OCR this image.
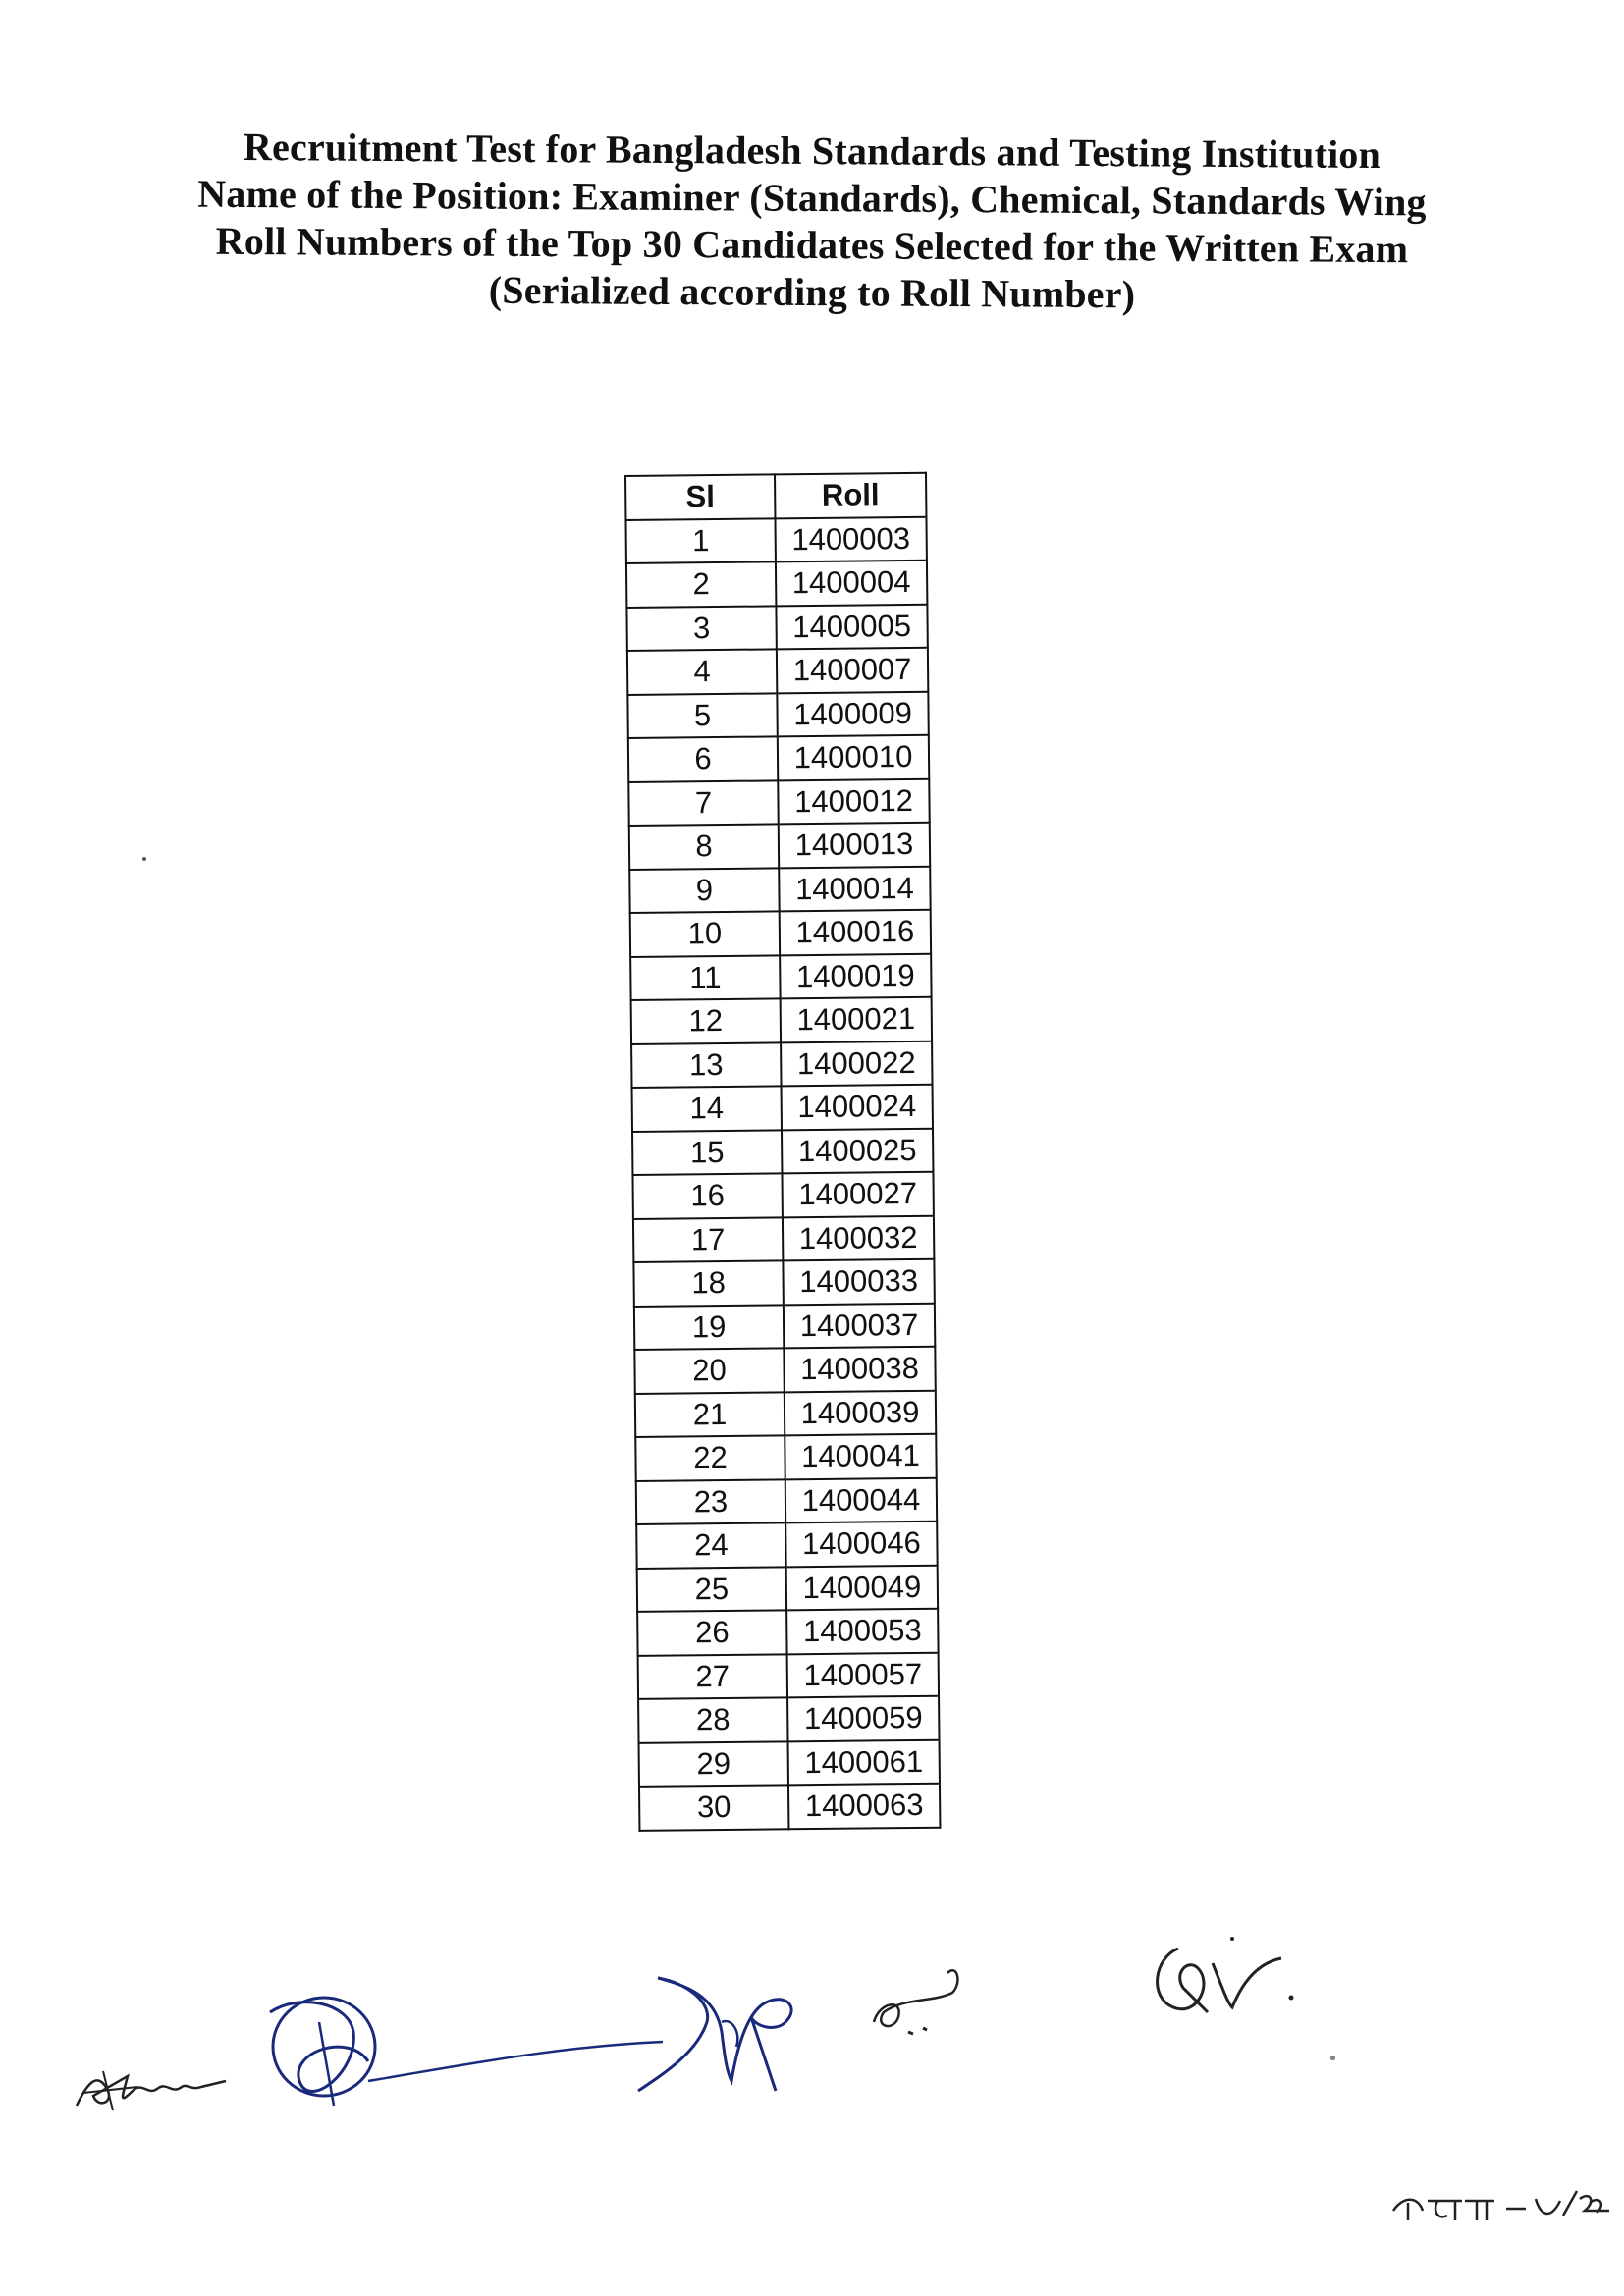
Recruitment Test for Bangladesh Standards and Testing Institution
Name of the Position: Examiner (Standards), Chemical, Standards Wing
Roll Numbers of the Top 30 Candidates Selected for the Written Exam
(Serialized according to Roll Number)
Sl	Roll
1	1400003
2	1400004
3	1400005
4	1400007
5	1400009
6	1400010
7	1400012
8	1400013
9	1400014
10	1400016
11	1400019
12	1400021
13	1400022
14	1400024
15	1400025
16	1400027
17	1400032
18	1400033
19	1400037
20	1400038
21	1400039
22	1400041
23	1400044
24	1400046
25	1400049
26	1400053
27	1400057
28	1400059
29	1400061
30	1400063
